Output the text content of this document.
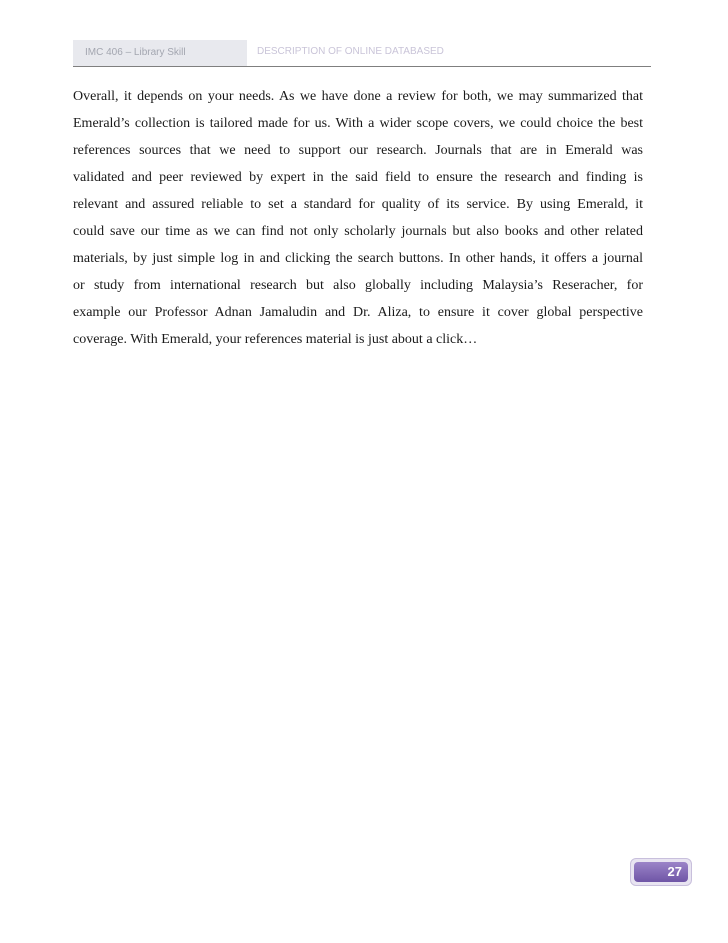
IMC 406 – Library Skill	DESCRIPTION OF ONLINE DATABASED
Overall, it depends on your needs. As we have done a review for both, we may summarized that
Emerald’s collection is tailored made for us. With a wider scope covers, we could choice the best
references sources that we need to support our research. Journals that are in Emerald was
validated and peer reviewed by expert in the said field to ensure the research and finding is
relevant and assured reliable to set a standard for quality of its service. By using Emerald, it
could save our time as we can find not only scholarly journals but also books and other related
materials, by just simple log in and clicking the search buttons. In other hands, it offers a journal
or study from international research but also globally including Malaysia’s Reseracher, for
example our Professor Adnan Jamaludin and Dr. Aliza, to ensure it cover global perspective
coverage. With Emerald, your references material is just about a click…
27
